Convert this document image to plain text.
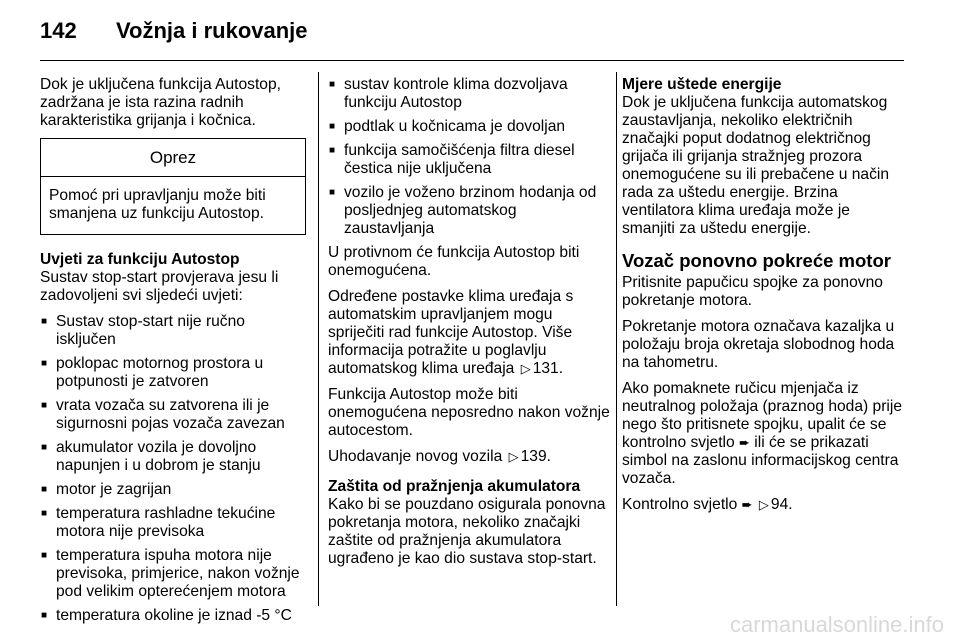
142	Vožnja i rukovanje

Dok je uključena funkcija Autostop, zadržana je ista razina radnih karakteristika grijanja i kočnica.

Oprez
Pomoć pri upravljanju može biti smanjena uz funkciju Autostop.
Uvjeti za funkciju Autostop

Sustav stop-start provjerava jesu li zadovoljeni svi sljedeći uvjeti:

■ Sustav stop-start nije ručno isključen
■ poklopac motornog prostora u potpunosti je zatvoren
■ vrata vozača su zatvorena ili je sigurnosni pojas vozača zavezan
■ akumulator vozila je dovoljno napunjen i u dobrom je stanju
■ motor je zagrijan
■ temperatura rashladne tekućine motora nije previsoka
■ temperatura ispuha motora nije previsoka, primjerice, nakon vožnje pod velikim opterećenjem motora
■ temperatura okoline je iznad -5 °C
■ sustav kontrole klima dozvoljava funkciju Autostop
■ podtlak u kočnicama je dovoljan
■ funkcija samočišćenja filtra diesel čestica nije uključena
■ vozilo je voženo brzinom hodanja od posljednjeg automatskog zaustavljanja

U protivnom će funkcija Autostop biti onemogućena.

Određene postavke klima uređaja s automatskim upravljanjem mogu spriječiti rad funkcije Autostop. Više informacija potražite u poglavlju automatskog klima uređaja ▷ 131.

Funkcija Autostop može biti onemogućena neposredno nakon vožnje autocestom.

Uhodavanje novog vozila ▷ 139.

Zaštita od pražnjenja akumulatora

Kako bi se pouzdano osigurala ponovna pokretanja motora, nekoliko značajki zaštite od pražnjenja akumulatora ugrađeno je kao dio sustava stop-start.

Mjere uštede energije

Dok je uključena funkcija automatskog zaustavljanja, nekoliko električnih značajki poput dodatnog električnog grijača ili grijanja stražnjeg prozora onemogućene su ili prebačene u način rada za uštedu energije. Brzina ventilatora klima uređaja može je smanjiti za uštedu energije.

Vozač ponovno pokreće motor

Pritisnite papučicu spojke za ponovno pokretanje motora.

Pokretanje motora označava kazaljka u položaju broja okretaja slobodnog hoda na tahometru.

Ako pomaknete ručicu mjenjača iz neutralnog položaja (praznog hoda) prije nego što pritisnete spojku, upalit će se kontrolno svjetlo ➨ ili će se prikazati simbol na zaslonu informacijskog centra vozača.

Kontrolno svjetlo ➨ ▷ 94.

carmanualsonline.info
